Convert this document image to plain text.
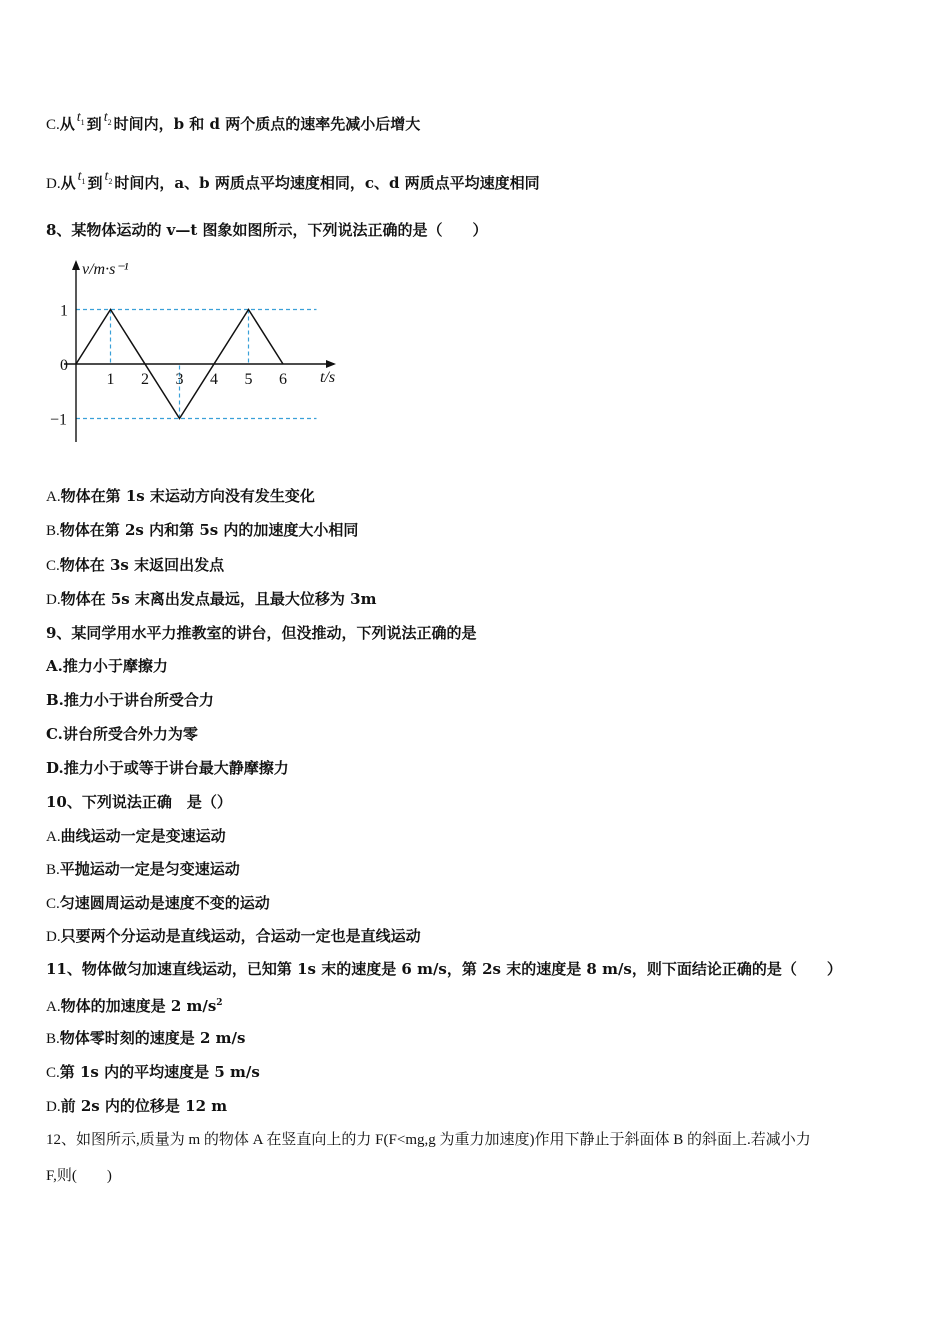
C.从 $t_1$ 到 $t_2$ 时间内，b 和 d 两个质点的速率先减小后增大
D.从 $t_1$ 到 $t_2$ 时间内，a、b 两质点平均速度相同，c、d 两质点平均速度相同
8、某物体运动的 v—t 图象如图所示，下列说法正确的是（　　）
1 2 3 4 5 6
1
0
−1
v/m·s⁻¹
t/s
A.物体在第 1s 末运动方向没有发生变化
B.物体在第 2s 内和第 5s 内的加速度大小相同
C.物体在 3s 末返回出发点
D.物体在 5s 末离出发点最远，且最大位移为 3m
9、某同学用水平力推教室的讲台，但没推动，下列说法正确的是
A.推力小于摩擦力
B.推力小于讲台所受合力
C.讲台所受合外力为零
D.推力小于或等于讲台最大静摩擦力
10、下列说法正确　是（）
A.曲线运动一定是变速运动
B.平抛运动一定是匀变速运动
C.匀速圆周运动是速度不变的运动
D.只要两个分运动是直线运动，合运动一定也是直线运动
11、物体做匀加速直线运动，已知第 1s 末的速度是 6 m/s，第 2s 末的速度是 8 m/s，则下面结论正确的是（　　）
A.物体的加速度是 2 $m/s^2$
B.物体零时刻的速度是 2 m/s
C.第 1s 内的平均速度是 5 m/s
D.前 2s 内的位移是 12 m
12、如图所示,质量为 m 的物体 A 在竖直向上的力 F(F<mg,g 为重力加速度)作用下静止于斜面体 B 的斜面上.若减小力
F,则(　　)
